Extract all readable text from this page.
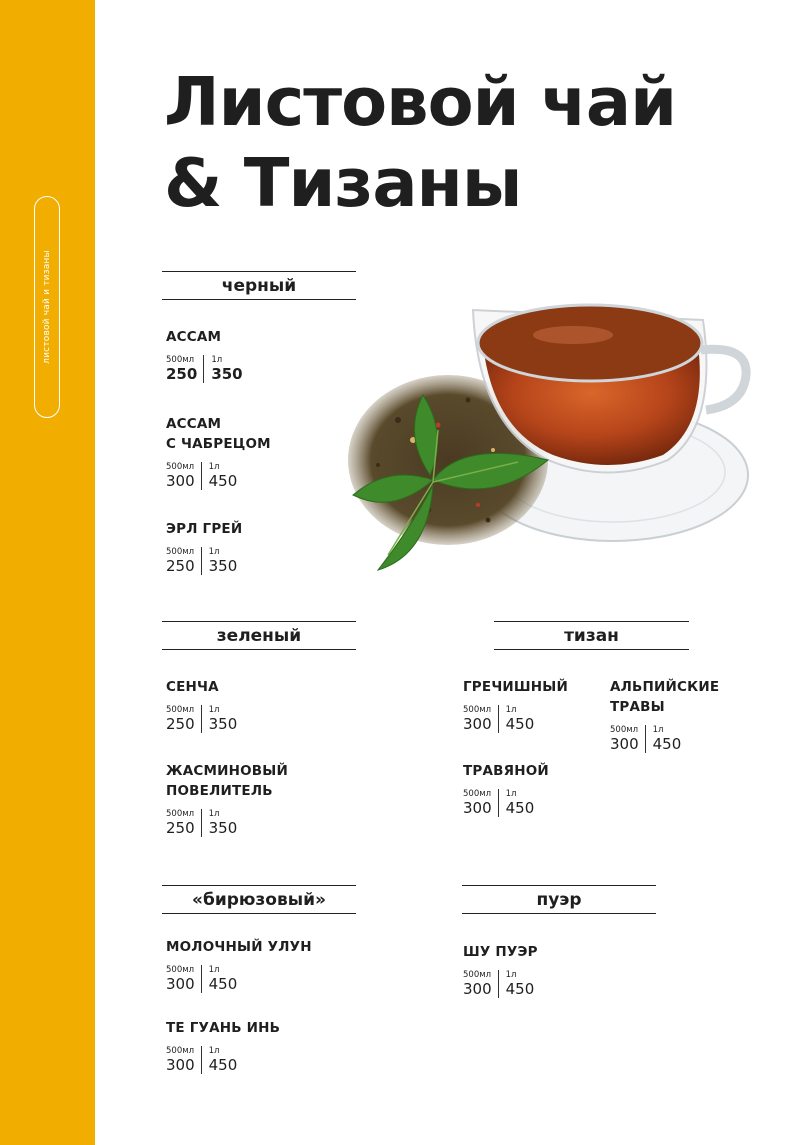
листовой чай и тизаны
Листовой чай
& Тизаны
черный
АССАМ
500мл
250
1л
350
АССАМ
С ЧАБРЕЦОМ
500мл
300
1л
450
ЭРЛ ГРЕЙ
500мл
250
1л
350
зеленый
СЕНЧА
500мл
250
1л
350
ЖАСМИНОВЫЙ
ПОВЕЛИТЕЛЬ
500мл
250
1л
350
тизан
ГРЕЧИШНЫЙ
500мл
300
1л
450
АЛЬПИЙСКИЕ
ТРАВЫ
500мл
300
1л
450
ТРАВЯНОЙ
500мл
300
1л
450
«бирюзовый»
МОЛОЧНЫЙ УЛУН
500мл
300
1л
450
ТЕ ГУАНЬ ИНЬ
500мл
300
1л
450
пуэр
ШУ ПУЭР
500мл
300
1л
450
